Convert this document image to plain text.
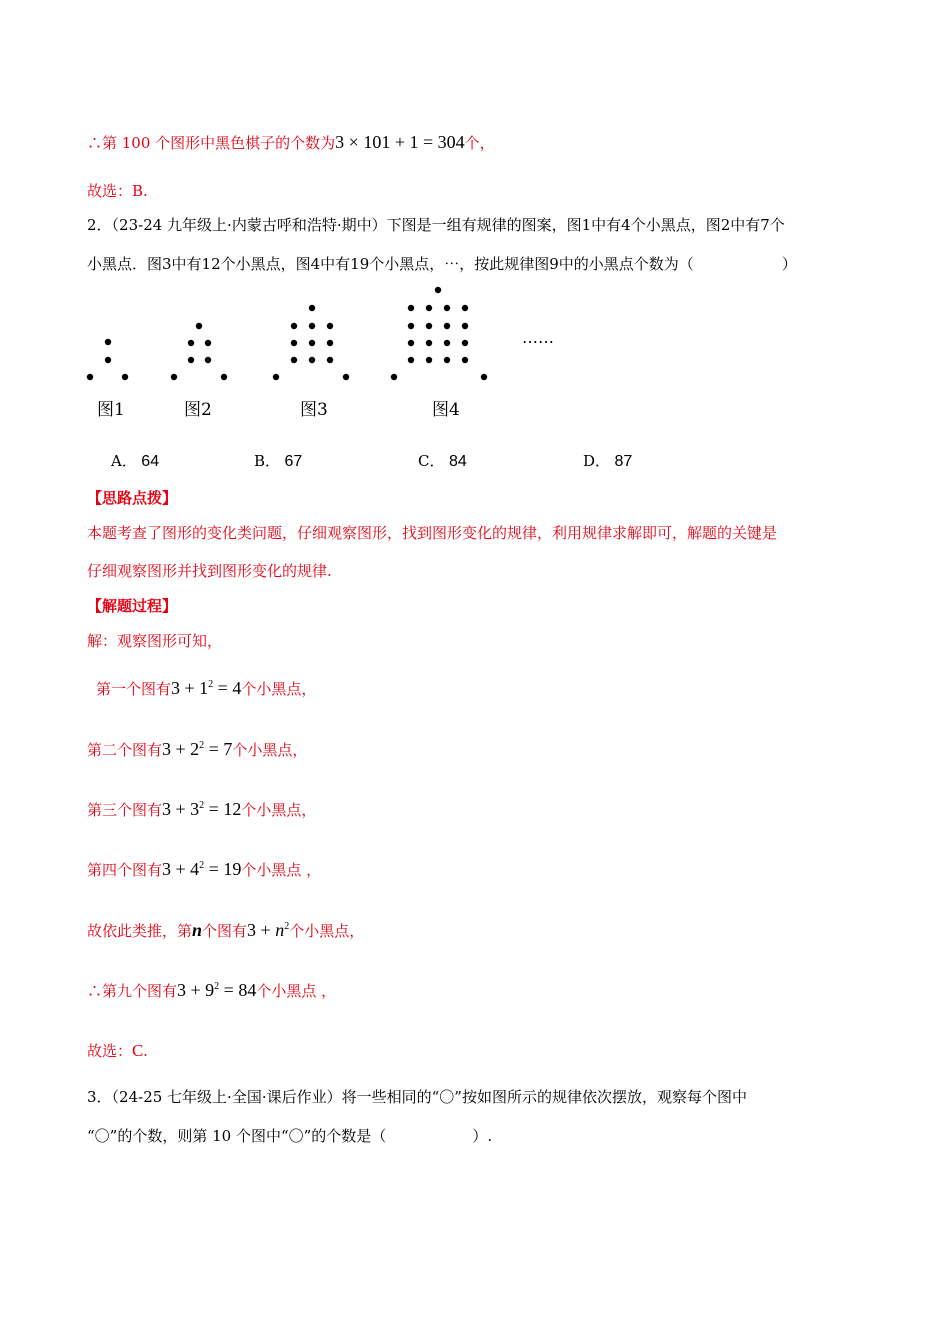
∴第 100 个图形中黑色棋子的个数为3 × 101 + 1 = 304个，
故选：B.
2．（23-24 九年级上·内蒙古呼和浩特·期中）下图是一组有规律的图案，图1中有4个小黑点，图2中有7个
小黑点．图3中有12个小黑点，图4中有19个小黑点，⋯，按此规律图9中的小黑点个数为（	）
……
图1	图2	图3	图4
A． 64	B． 67	C． 84	D． 87
【思路点拨】
本题考查了图形的变化类问题，仔细观察图形，找到图形变化的规律，利用规律求解即可，解题的关键是
仔细观察图形并找到图形变化的规律.
【解题过程】
解：观察图形可知，
第一个图有$3 + 1^2 = 4$个小黑点，
第二个图有$3 + 2^2 = 7$个小黑点，
第三个图有$3 + 3^2 = 12$个小黑点，
第四个图有$3 + 4^2 = 19$个小黑点 ，
故依此类推，第n个图有$3 + n^2$个小黑点，
∴第九个图有$3 + 9^2 = 84$个小黑点 ，
故选：C.
3．（24-25 七年级上·全国·课后作业）将一些相同的“〇”按如图所示的规律依次摆放，观察每个图中
“〇”的个数，则第 10 个图中“〇”的个数是（	）.
